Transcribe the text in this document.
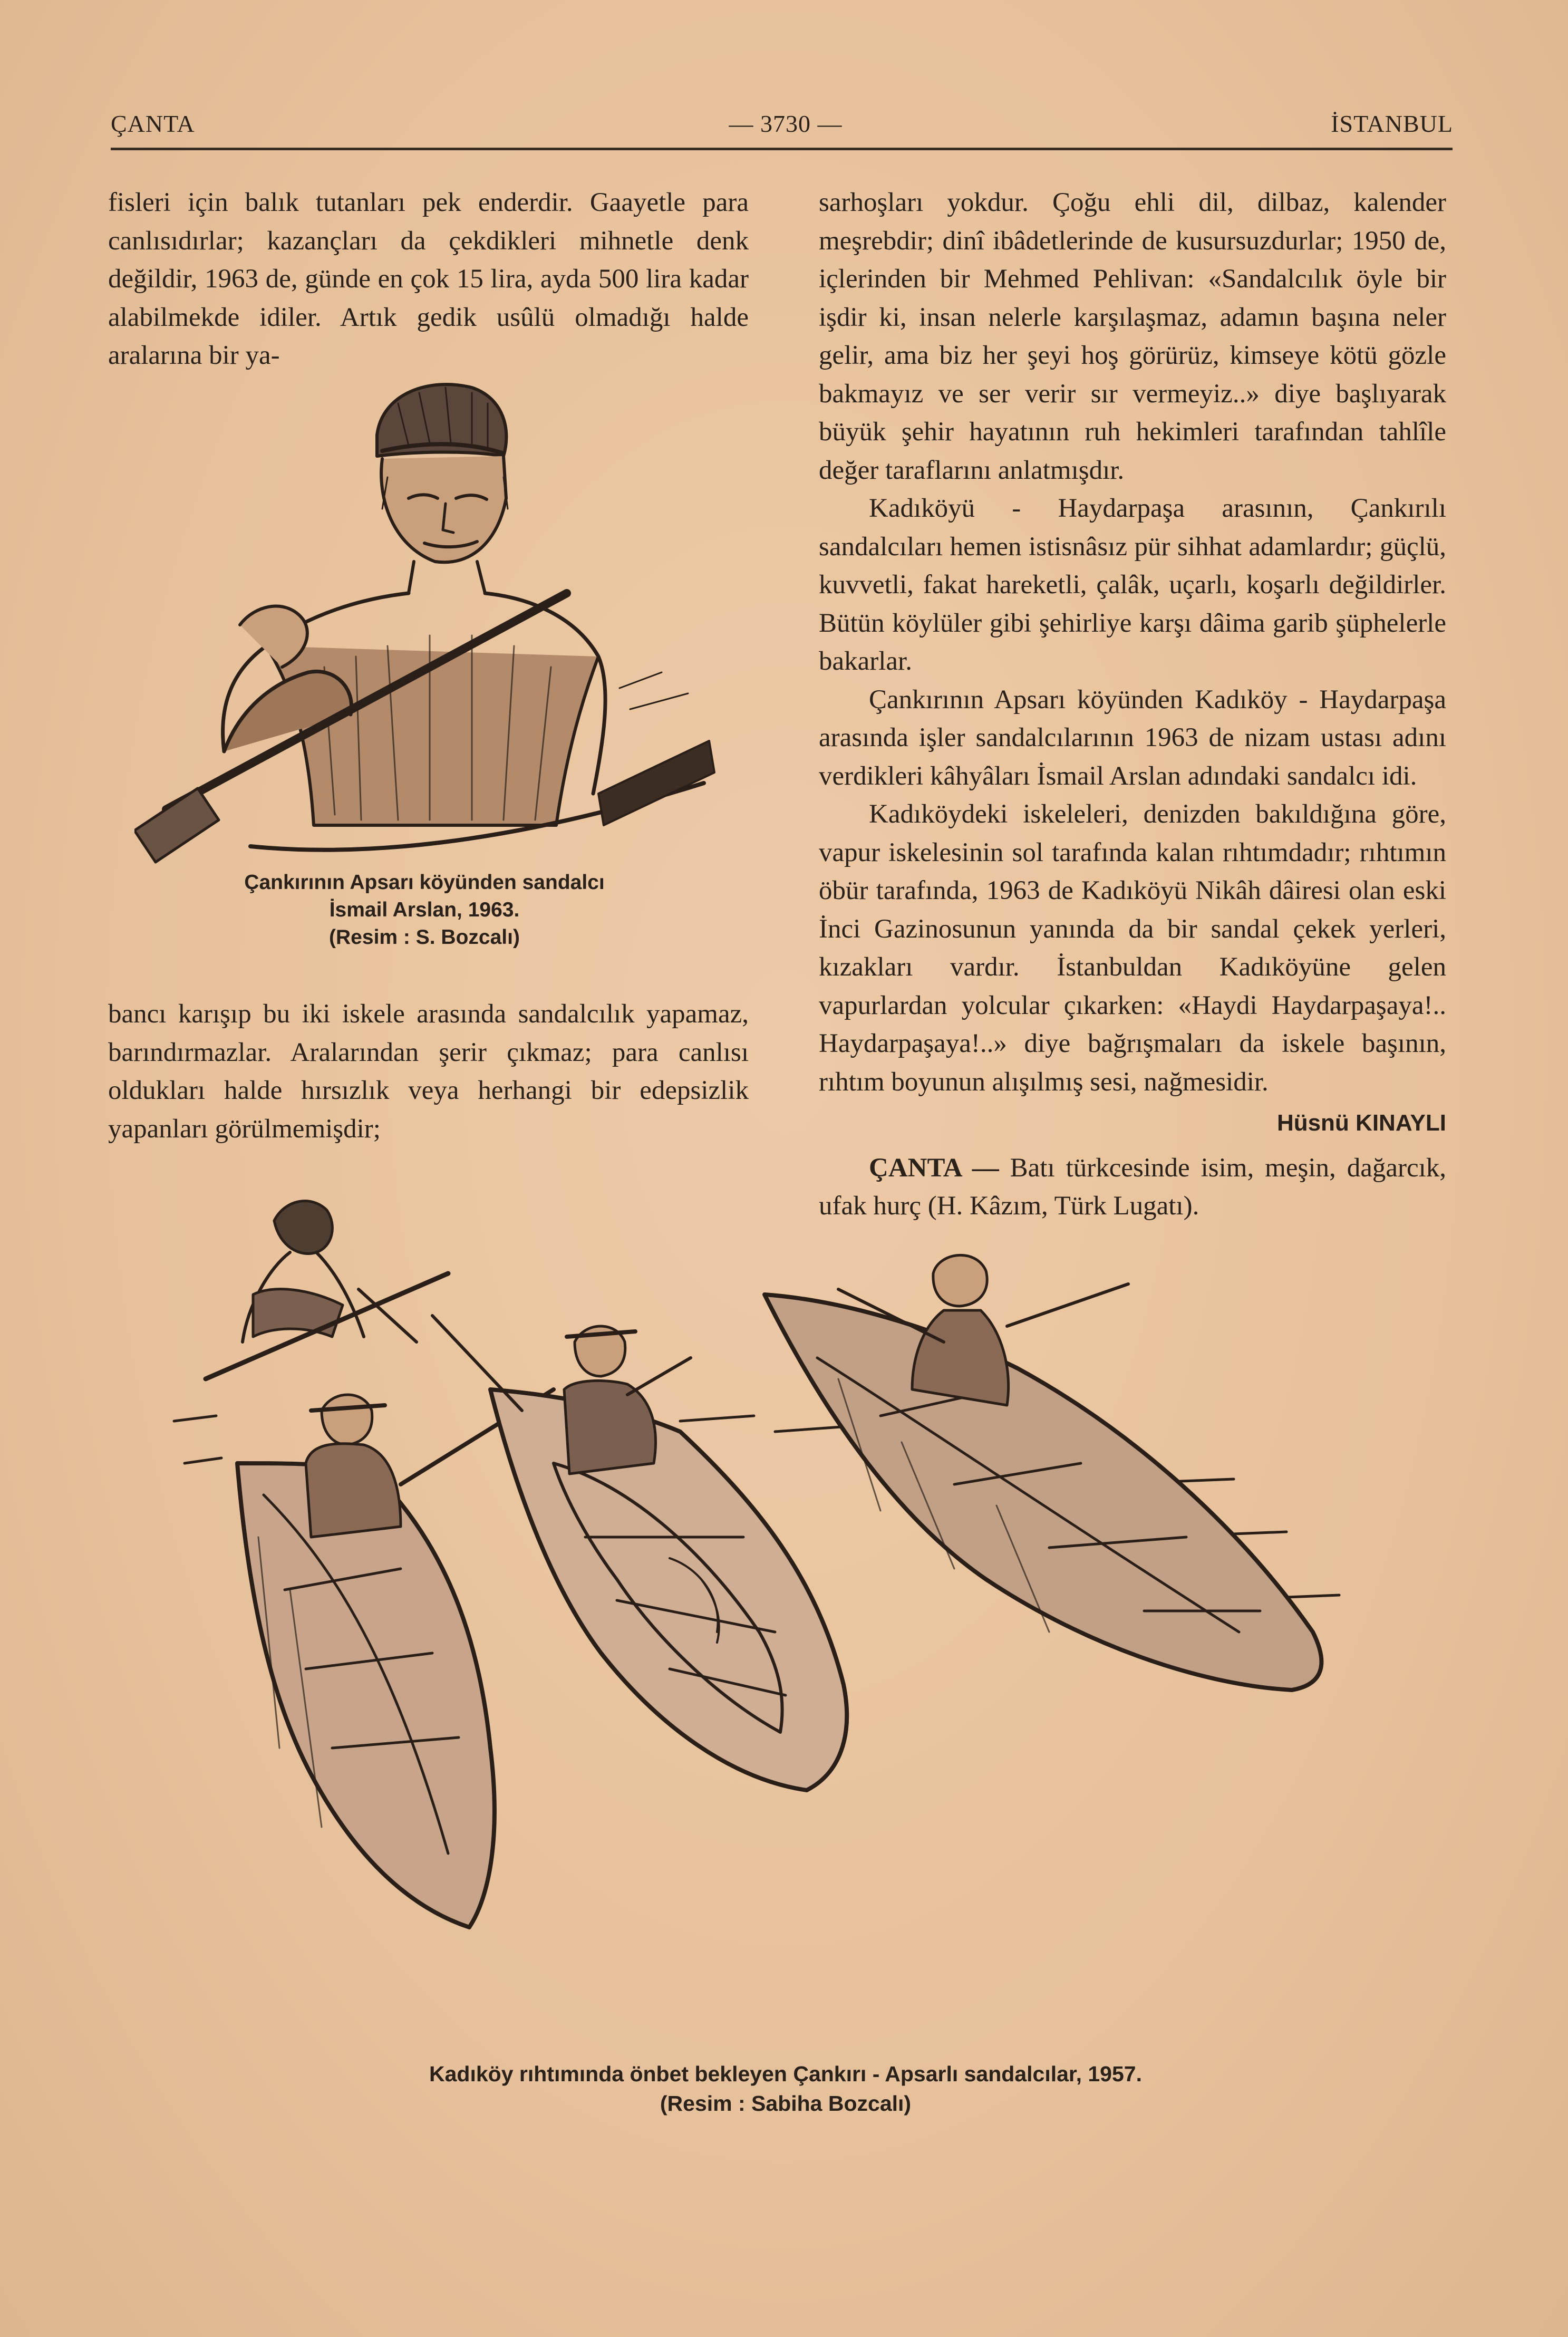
ÇANTA	— 3730 —	İSTANBUL

fisleri için balık tutanları pek enderdir. Gaayetle para canlısıdırlar; kazançları da çekdikleri mihnetle denk değildir, 1963 de, günde en çok 15 lira, ayda 500 lira kadar alabilmekde idiler. Artık gedik usûlü olmadığı halde aralarına bir ya-

Çankırının Apsarı köyünden sandalcı
İsmail Arslan, 1963.
(Resim : S. Bozcalı)

bancı karışıp bu iki iskele arasında sandalcılık yapamaz, barındırmazlar. Aralarından şerir çıkmaz; para canlısı oldukları halde hırsızlık veya herhangi bir edepsizlik yapanları görülmemişdir;

sarhoşları yokdur. Çoğu ehli dil, dilbaz, kalender meşrebdir; dinî ibâdetlerinde de kusursuzdurlar; 1950 de, içlerinden bir Mehmed Pehlivan: «Sandalcılık öyle bir işdir ki, insan nelerle karşılaşmaz, adamın başına neler gelir, ama biz her şeyi hoş görürüz, kimseye kötü gözle bakmayız ve ser verir sır vermeyiz..» diye başlıyarak büyük şehir hayatının ruh hekimleri tarafından tahlîle değer taraflarını anlatmışdır.

Kadıköyü - Haydarpaşa arasının, Çankırılı sandalcıları hemen istisnâsız pür sihhat adamlardır; güçlü, kuvvetli, fakat hareketli, çalâk, uçarlı, koşarlı değildirler. Bütün köylüler gibi şehirliye karşı dâima garib şüphelerle bakarlar.

Çankırının Apsarı köyünden Kadıköy - Haydarpaşa arasında işler sandalcılarının 1963 de nizam ustası adını verdikleri kâhyâları İsmail Arslan adındaki sandalcı idi.

Kadıköydeki iskeleleri, denizden bakıldığına göre, vapur iskelesinin sol tarafında kalan rıhtımdadır; rıhtımın öbür tarafında, 1963 de Kadıköyü Nikâh dâiresi olan eski İnci Gazinosunun yanında da bir sandal çekek yerleri, kızakları vardır. İstanbuldan Kadıköyüne gelen vapurlardan yolcular çıkarken: «Haydi Haydarpaşaya!.. Haydarpaşaya!..» diye bağrışmaları da iskele başının, rıhtım boyunun alışılmış sesi, nağmesidir.

Hüsnü KINAYLI

ÇANTA — Batı türkcesinde isim, meşin, dağarcık, ufak hurç (H. Kâzım, Türk Lugatı).

Kadıköy rıhtımında önbet bekleyen Çankırı - Apsarlı sandalcılar, 1957.
(Resim : Sabiha Bozcalı)
